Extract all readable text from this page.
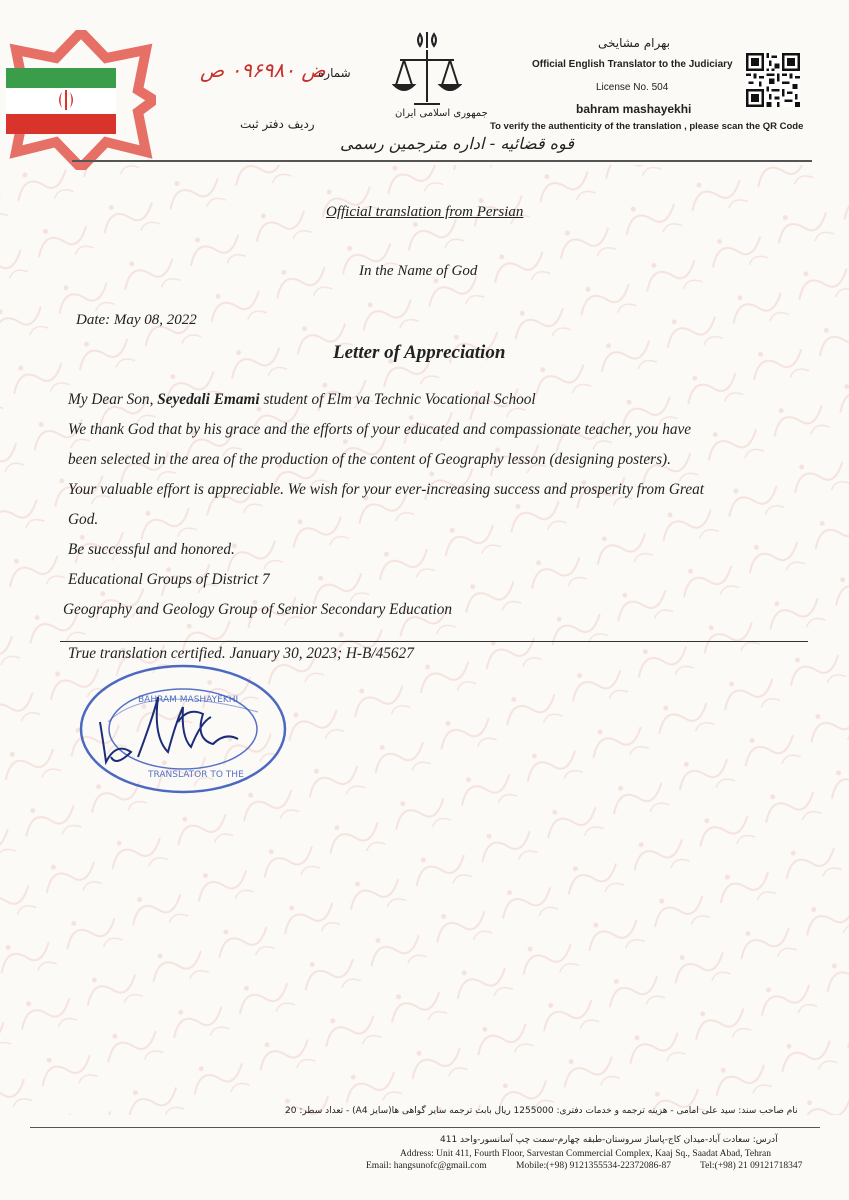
ض ۰۹۶۹۸۰ ص
شماره
ردیف دفتر ثبت
جمهوری اسلامی ایران
قوه قضائیه - اداره مترجمین رسمی
بهرام مشایخی
Official English Translator to the Judiciary
License No. 504
bahram mashayekhi
To verify the authenticity of the translation , please scan the QR Code
Official translation from Persian
In the Name of God
Date: May 08, 2022
Letter of Appreciation
My Dear Son, Seyedali Emami student of Elm va Technic Vocational School
We thank God that by his grace and the efforts of your educated and compassionate teacher, you have
been selected in the area of the production of the content of Geography lesson (designing posters).
Your valuable effort is appreciable. We wish for your ever-increasing success and prosperity from Great
God.
Be successful and honored.
Educational Groups of District 7
Geography and Geology Group of Senior Secondary Education
True translation certified. January 30, 2023; H-B/45627
BAHRAM MASHAYEKHI
TRANSLATOR TO THE
نام صاحب سند: سید علی امامی - هزینه ترجمه و خدمات دفتری: 1255000 ریال بابت ترجمه سایر گواهی ها(سایز A4) - تعداد سطر: 20
آدرس: سعادت آباد-میدان کاج-پاساژ سروستان-طبقه چهارم-سمت چپ آسانسور-واحد 411
Address: Unit 411, Fourth Floor, Sarvestan Commercial Complex, Kaaj Sq., Saadat Abad, Tehran
Email: hangsunofc@gmail.com	Mobile:(+98) 9121355534-22372086-87	Tel:(+98) 21 09121718347
